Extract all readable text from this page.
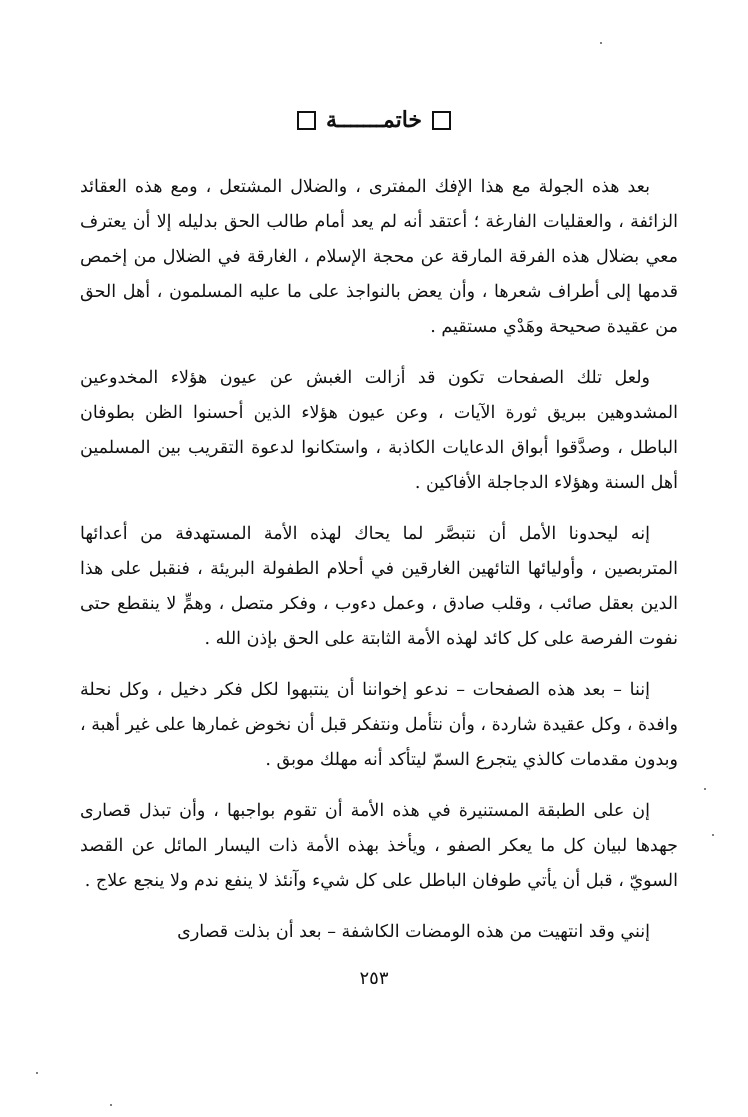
خاتمـــــــة

بعد هذه الجولة مع هذا الإفك المفترى ، والضلال المشتعل ، ومع هذه العقائد الزائفة ، والعقليات الفارغة ؛ أعتقد أنه لم يعد أمام طالب الحق بدليله إلا أن يعترف معي بضلال هذه الفرقة المارقة عن محجة الإسلام ، الغارقة في الضلال من إخمص قدمها إلى أطراف شعرها ، وأن يعض بالنواجذ على ما عليه المسلمون ، أهل الحق من عقيدة صحيحة وهَدْي مستقيم .

ولعل تلك الصفحات تكون قد أزالت الغبش عن عيون هؤلاء المخدوعين المشدوهين ببريق ثورة الآيات ، وعن عيون هؤلاء الذين أحسنوا الظن بطوفان الباطل ، وصدَّقوا أبواق الدعايات الكاذبة ، واستكانوا لدعوة التقريب بين المسلمين أهل السنة وهؤلاء الدجاجلة الأفاكين .

إنه ليحدونا الأمل أن نتبصَّر لما يحاك لهذه الأمة المستهدفة من أعدائها المتربصين ، وأوليائها التائهين الغارقين في أحلام الطفولة البريئة ، فنقبل على هذا الدين بعقل صائب ، وقلب صادق ، وعمل دءوب ، وفكر متصل ، وهمٍّ لا ينقطع حتى نفوت الفرصة على كل كائد لهذه الأمة الثابتة على الحق بإذن الله .

إننا – بعد هذه الصفحات – ندعو إخواننا أن ينتبهوا لكل فكر دخيل ، وكل نحلة وافدة ، وكل عقيدة شاردة ، وأن نتأمل ونتفكر قبل أن نخوض غمارها على غير أهبة ، وبدون مقدمات كالذي يتجرع السمّ ليتأكد أنه مهلك موبق .

إن على الطبقة المستنيرة في هذه الأمة أن تقوم بواجبها ، وأن تبذل قصارى جهدها لبيان كل ما يعكر الصفو ، ويأخذ بهذه الأمة ذات اليسار المائل عن القصد السويّ ، قبل أن يأتي طوفان الباطل على كل شيء وآنئذ لا ينفع ندم ولا ينجع علاج .

إنني وقد انتهيت من هذه الومضات الكاشفة – بعد أن بذلت قصارى

٢٥٣
